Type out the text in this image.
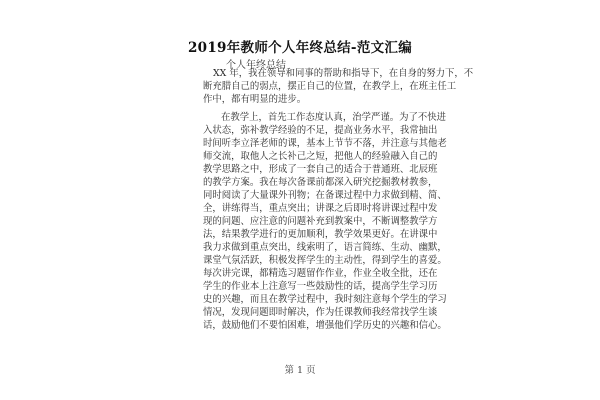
2019年教师个人年终总结-范文汇编
个人年终总结
XX 年，我在领导和同事的帮助和指导下，在自身的努力下，不
断充腊自己的弱点，摆正自己的位置，在教学上，在班主任工
作中，都有明显的进步。
在教学上，首先工作态度认真，治学严谨。为了不快进
入状态，弥补教学经验的不足，提高业务水平，我常抽出
时间听李立泽老师的课，基本上节节不落，并注意与其他老
师交流，取他人之长补己之短，把他人的经验融入自己的
教学思路之中，形成了一套自己的适合于普通班、北辰班
的教学方案。我在每次备课前都深入研究挖掘教材教参，
同时阅读了大量课外刊物；在备课过程中力求做到精、简、
全，讲练得当，重点突出；讲课之后即时将讲课过程中发
现的问题、应注意的问题补充到教案中，不断调整教学方
法，结果教学进行的更加顺利，教学效果更好。在讲课中
我力求做到重点突出，线索明了，语言简练、生动、幽默，
课堂气氛活跃，积极发挥学生的主动性，得到学生的喜爱。
每次讲完课，都精选习题留作作业，作业全收全批，还在
学生的作业本上注意写一些鼓励性的话，提高学生学习历
史的兴趣，而且在教学过程中，我时刻注意每个学生的学习
情况，发现问题即时解决，作为任课教师我经常找学生谈
话，鼓励他们不要怕困难，增强他们学历史的兴趣和信心。
第 1 页
